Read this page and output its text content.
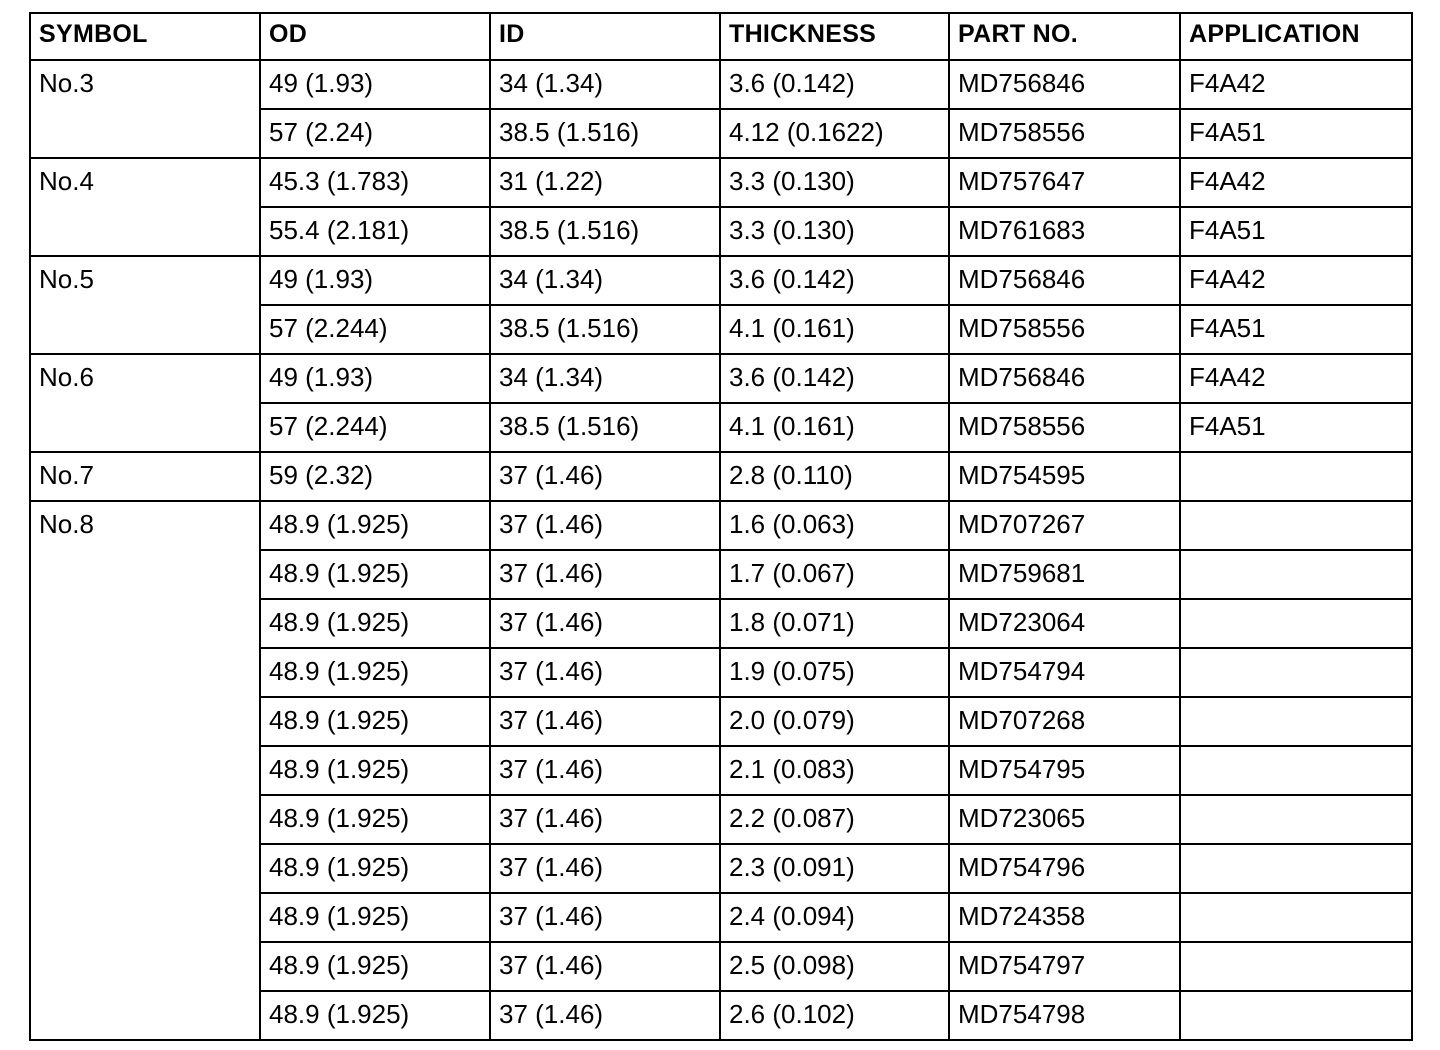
SYMBOL	OD	ID	THICKNESS	PART NO.	APPLICATION
No.3	49 (1.93)	34 (1.34)	3.6 (0.142)	MD756846	F4A42
	57 (2.24)	38.5 (1.516)	4.12 (0.1622)	MD758556	F4A51
No.4	45.3 (1.783)	31 (1.22)	3.3 (0.130)	MD757647	F4A42
	55.4 (2.181)	38.5 (1.516)	3.3 (0.130)	MD761683	F4A51
No.5	49 (1.93)	34 (1.34)	3.6 (0.142)	MD756846	F4A42
	57 (2.244)	38.5 (1.516)	4.1 (0.161)	MD758556	F4A51
No.6	49 (1.93)	34 (1.34)	3.6 (0.142)	MD756846	F4A42
	57 (2.244)	38.5 (1.516)	4.1 (0.161)	MD758556	F4A51
No.7	59 (2.32)	37 (1.46)	2.8 (0.110)	MD754595	
No.8	48.9 (1.925)	37 (1.46)	1.6 (0.063)	MD707267	
	48.9 (1.925)	37 (1.46)	1.7 (0.067)	MD759681	
	48.9 (1.925)	37 (1.46)	1.8 (0.071)	MD723064	
	48.9 (1.925)	37 (1.46)	1.9 (0.075)	MD754794	
	48.9 (1.925)	37 (1.46)	2.0 (0.079)	MD707268	
	48.9 (1.925)	37 (1.46)	2.1 (0.083)	MD754795	
	48.9 (1.925)	37 (1.46)	2.2 (0.087)	MD723065	
	48.9 (1.925)	37 (1.46)	2.3 (0.091)	MD754796	
	48.9 (1.925)	37 (1.46)	2.4 (0.094)	MD724358	
	48.9 (1.925)	37 (1.46)	2.5 (0.098)	MD754797	
	48.9 (1.925)	37 (1.46)	2.6 (0.102)	MD754798	
